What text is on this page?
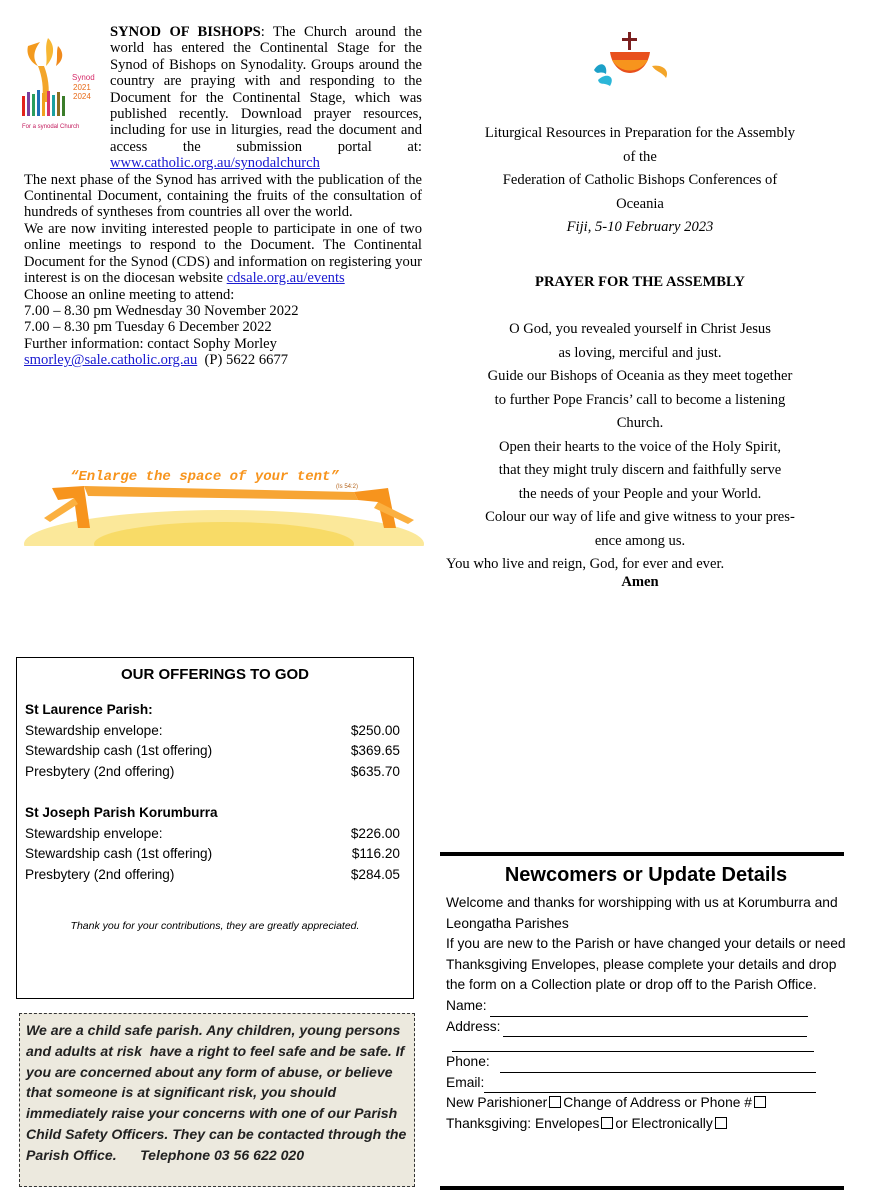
Synod
2021
2024
For a synodal Church

SYNOD OF BISHOPS: The Church around the world has entered the Continental Stage for the Synod of Bishops on Synodality. Groups around the country are praying with and responding to the Document for the Continental Stage, which was published recently. Download prayer resources, including for use in liturgies, read the document and access the submission portal at: www.catholic.org.au/synodalchurch

The next phase of the Synod has arrived with the publication of the Continental Document, containing the fruits of the consultation of hundreds of syntheses from countries all over the world.

We are now inviting interested people to participate in one of two online meetings to respond to the Document. The Continental Document for the Synod (CDS) and information on registering your interest is on the diocesan website cdsale.org.au/events

Choose an online meeting to attend:

7.00 – 8.30 pm Wednesday 30 November 2022

7.00 – 8.30 pm Tuesday 6 December 2022

Further information: contact Sophy Morley

smorley@sale.catholic.org.au (P) 5622 6677

“Enlarge the space of your tent”
(Is 54:2)

Liturgical Resources in Preparation for the Assembly

of the

Federation of Catholic Bishops Conferences of

Oceania

Fiji, 5-10 February 2023

PRAYER FOR THE ASSEMBLY

O God, you revealed yourself in Christ Jesus

as loving, merciful and just.

Guide our Bishops of Oceania as they meet together

to further Pope Francis’ call to become a listening

Church.

Open their hearts to the voice of the Holy Spirit,

that they might truly discern and faithfully serve

the needs of your People and your World.

Colour our way of life and give witness to your pres-

ence among us.

You who live and reign, God, for ever and ever.

Amen

OUR OFFERINGS TO GOD
St Laurence Parish:
Stewardship envelope:	$250.00
Stewardship cash (1st offering)	$369.65
Presbytery (2nd offering)	$635.70
St Joseph Parish Korumburra
Stewardship envelope:	$226.00
Stewardship cash (1st offering)	$116.20
Presbytery (2nd offering)	$284.05
Thank you for your contributions, they are greatly appreciated.
We are a child safe parish. Any children, young persons and adults at risk  have a right to feel safe and be safe. If you are concerned about any form of abuse, or believe that someone is at significant risk, you should immediately raise your concerns with one of our Parish Child Safety Officers. They can be contacted through the Parish Office.      Telephone 03 56 622 020
Newcomers or Update Details

Welcome and thanks for worshipping with us at Korumburra and Leongatha Parishes

If you are new to the Parish or have changed your details or need Thanksgiving Envelopes, please complete your details and drop the form on a Collection plate or drop off to the Parish Office.

Name:
Address:
Phone:
Email:

New Parishioner Change of Address or Phone #

Thanksgiving: Envelopes or Electronically
